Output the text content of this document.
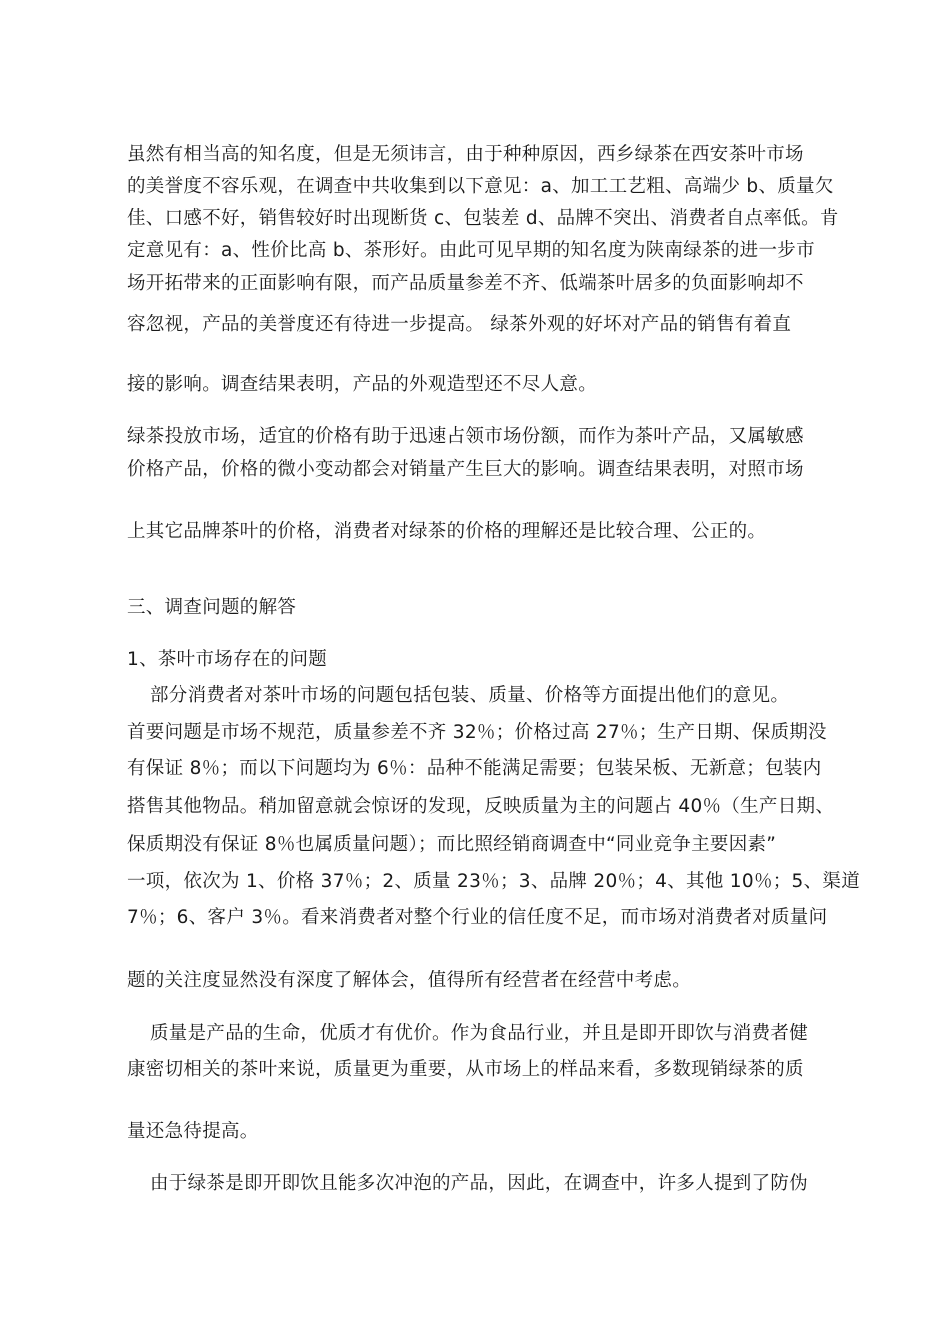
虽然有相当高的知名度，但是无须讳言，由于种种原因，西乡绿茶在西安茶叶市场
的美誉度不容乐观，在调查中共收集到以下意见：a、加工工艺粗、高端少 b、质量欠
佳、口感不好，销售较好时出现断货 c、包装差 d、品牌不突出、消费者自点率低。肯
定意见有：a、性价比高 b、茶形好。由此可见早期的知名度为陕南绿茶的进一步市
场开拓带来的正面影响有限，而产品质量参差不齐、低端茶叶居多的负面影响却不
容忽视，产品的美誉度还有待进一步提高。 绿茶外观的好坏对产品的销售有着直
接的影响。调查结果表明，产品的外观造型还不尽人意。
绿茶投放市场，适宜的价格有助于迅速占领市场份额，而作为茶叶产品，又属敏感
价格产品，价格的微小变动都会对销量产生巨大的影响。调查结果表明，对照市场
上其它品牌茶叶的价格，消费者对绿茶的价格的理解还是比较合理、公正的。
三、调查问题的解答
1、茶叶市场存在的问题
部分消费者对茶叶市场的问题包括包装、质量、价格等方面提出他们的意见。
首要问题是市场不规范，质量参差不齐 32％；价格过高 27％；生产日期、保质期没
有保证 8％；而以下问题均为 6％：品种不能满足需要；包装呆板、无新意；包装内
搭售其他物品。稍加留意就会惊讶的发现，反映质量为主的问题占 40％（生产日期、
保质期没有保证 8％也属质量问题）；而比照经销商调查中“同业竞争主要因素”
一项，依次为 1、价格 37％；2、质量 23％；3、品牌 20％；4、其他 10％；5、渠道
7％；6、客户 3％。看来消费者对整个行业的信任度不足，而市场对消费者对质量问
题的关注度显然没有深度了解体会，值得所有经营者在经营中考虑。
质量是产品的生命，优质才有优价。作为食品行业，并且是即开即饮与消费者健
康密切相关的茶叶来说，质量更为重要，从市场上的样品来看，多数现销绿茶的质
量还急待提高。
由于绿茶是即开即饮且能多次冲泡的产品，因此，在调查中，许多人提到了防伪
